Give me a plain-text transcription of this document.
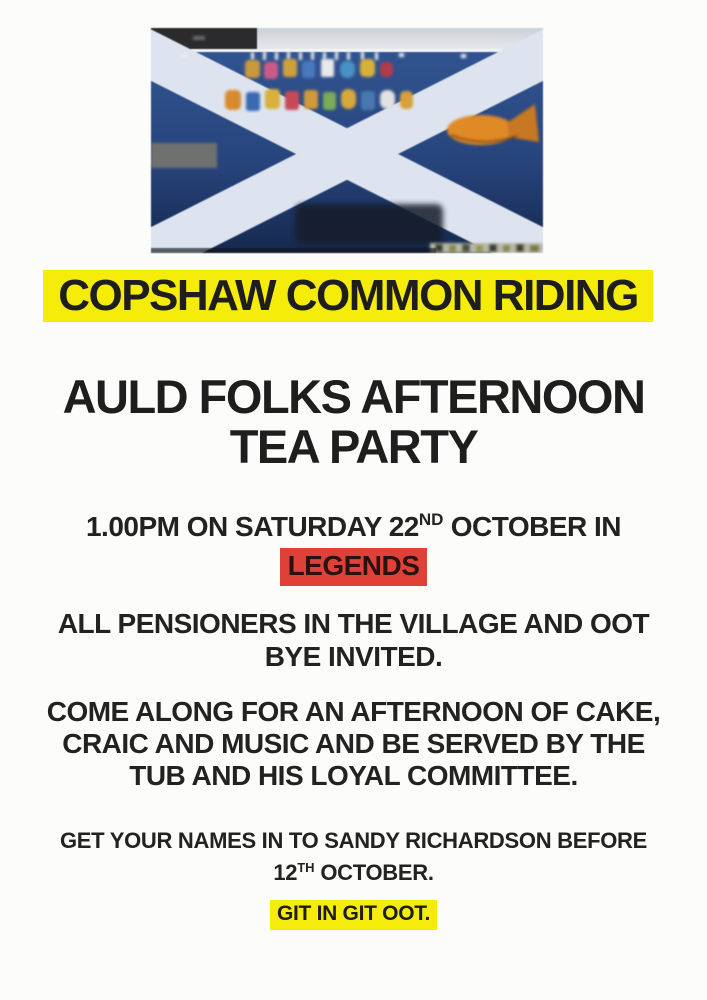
COPSHAW COMMON RIDING
AULD FOLKS AFTERNOON
TEA PARTY
1.00PM ON SATURDAY 22ND OCTOBER IN
LEGENDS
ALL PENSIONERS IN THE VILLAGE AND OOT
BYE INVITED.
COME ALONG FOR AN AFTERNOON OF CAKE,
CRAIC AND MUSIC AND BE SERVED BY THE
TUB AND HIS LOYAL COMMITTEE.
GET YOUR NAMES IN TO SANDY RICHARDSON BEFORE
12TH OCTOBER.
GIT IN GIT OOT.
